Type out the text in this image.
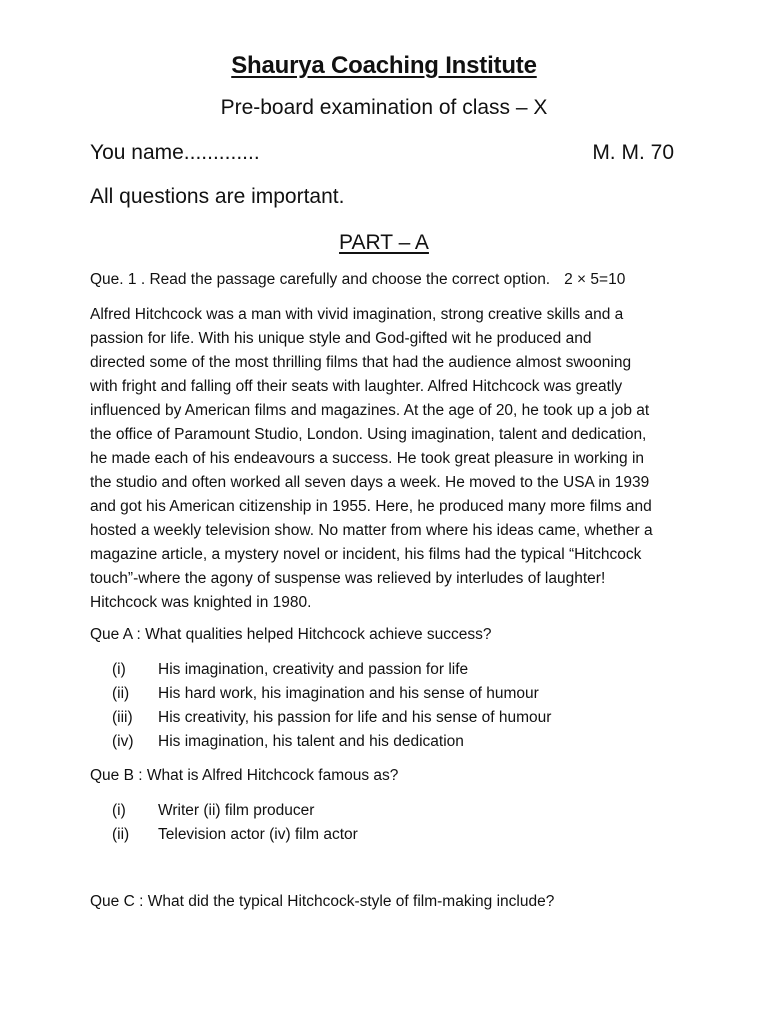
Shaurya Coaching Institute
Pre-board examination of class – X
You name.............	M. M. 70
All questions are important.
PART – A
Que. 1 . Read the passage carefully and choose the correct option. 2 × 5=10
Alfred Hitchcock was a man with vivid imagination, strong creative skills and a
passion for life. With his unique style and God-gifted wit he produced and
directed some of the most thrilling films that had the audience almost swooning
with fright and falling off their seats with laughter. Alfred Hitchcock was greatly
influenced by American films and magazines. At the age of 20, he took up a job at
the office of Paramount Studio, London. Using imagination, talent and dedication,
he made each of his endeavours a success. He took great pleasure in working in
the studio and often worked all seven days a week. He moved to the USA in 1939
and got his American citizenship in 1955. Here, he produced many more films and
hosted a weekly television show. No matter from where his ideas came, whether a
magazine article, a mystery novel or incident, his films had the typical “Hitchcock
touch”-where the agony of suspense was relieved by interludes of laughter!
Hitchcock was knighted in 1980.
Que A : What qualities helped Hitchcock achieve success?
(i)	His imagination, creativity and passion for life
(ii)	His hard work, his imagination and his sense of humour
(iii)	His creativity, his passion for life and his sense of humour
(iv)	His imagination, his talent and his dedication
Que B : What is Alfred Hitchcock famous as?
(i)	Writer (ii) film producer
(ii)	Television actor (iv) film actor
Que C : What did the typical Hitchcock-style of film-making include?
